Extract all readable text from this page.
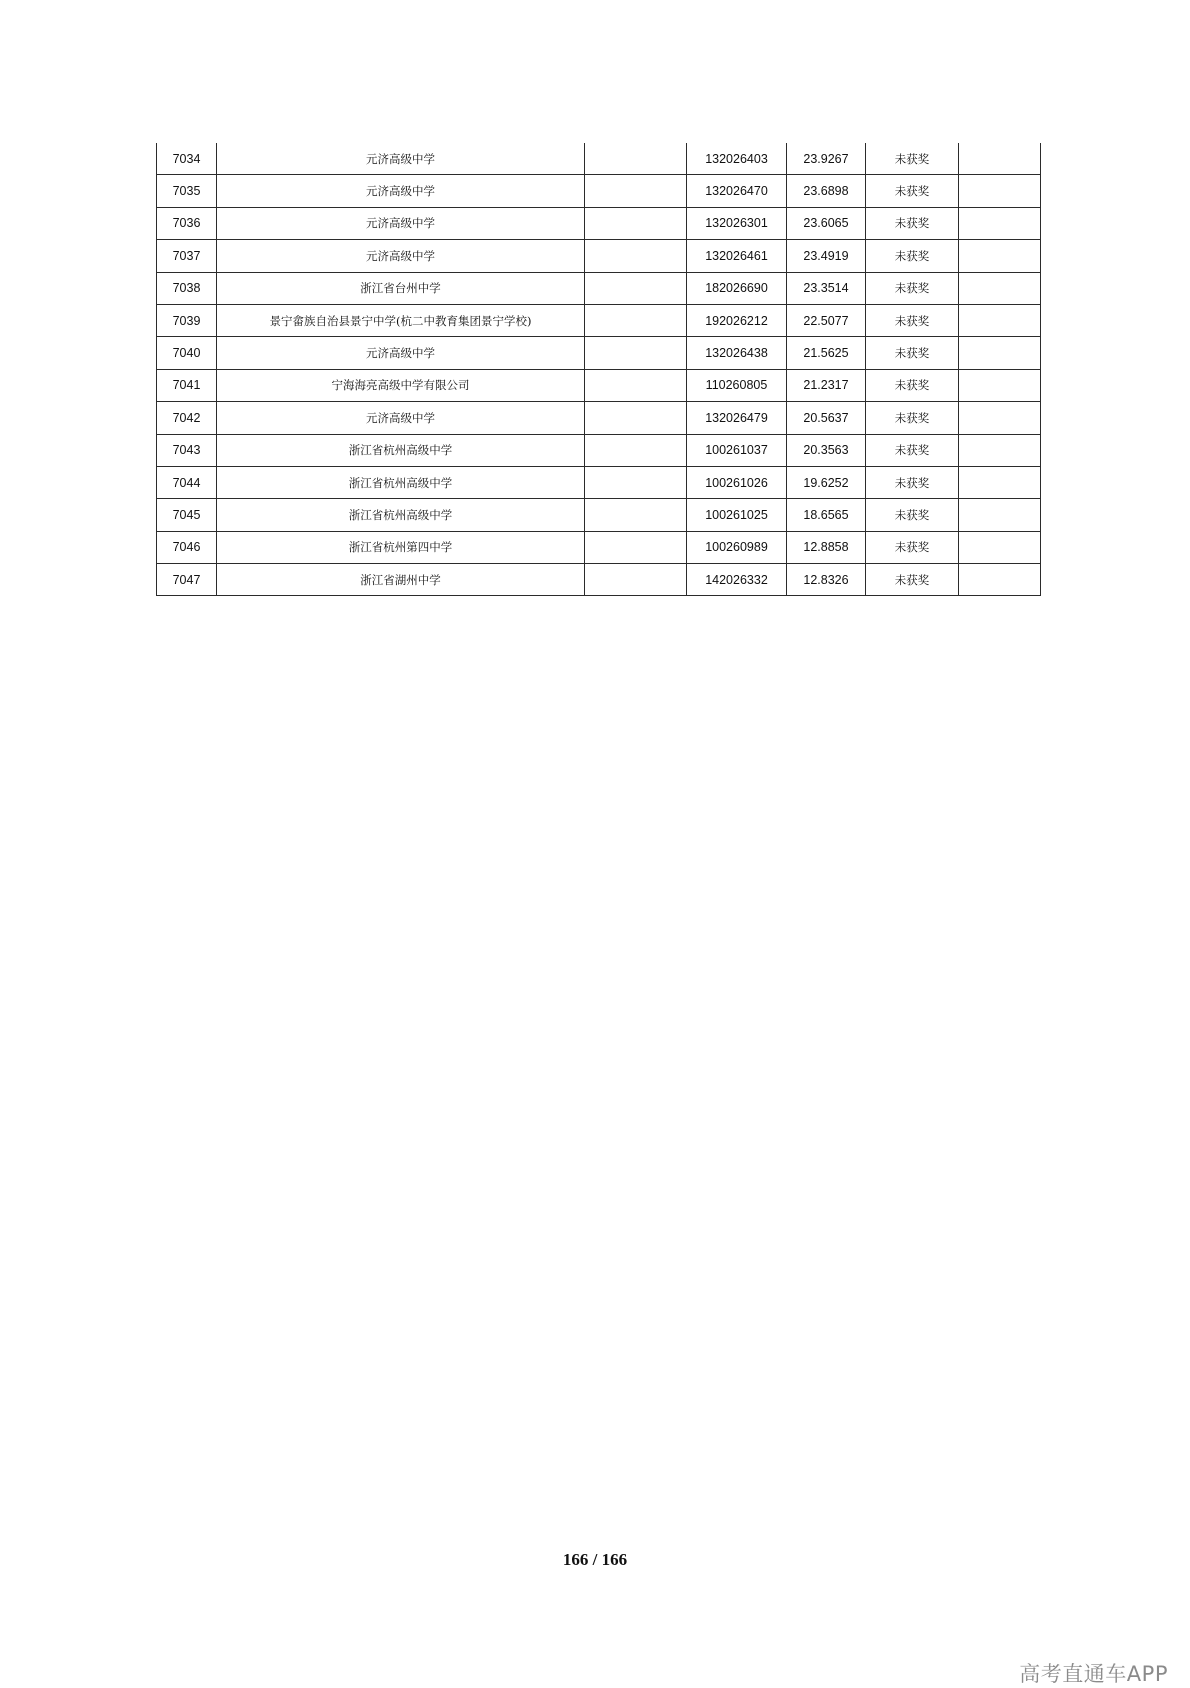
7034	元济高级中学		132026403	23.9267	未获奖	
7035	元济高级中学		132026470	23.6898	未获奖	
7036	元济高级中学		132026301	23.6065	未获奖	
7037	元济高级中学		132026461	23.4919	未获奖	
7038	浙江省台州中学		182026690	23.3514	未获奖	
7039	景宁畲族自治县景宁中学(杭二中教育集团景宁学校)		192026212	22.5077	未获奖	
7040	元济高级中学		132026438	21.5625	未获奖	
7041	宁海海亮高级中学有限公司		110260805	21.2317	未获奖	
7042	元济高级中学		132026479	20.5637	未获奖	
7043	浙江省杭州高级中学		100261037	20.3563	未获奖	
7044	浙江省杭州高级中学		100261026	19.6252	未获奖	
7045	浙江省杭州高级中学		100261025	18.6565	未获奖	
7046	浙江省杭州第四中学		100260989	12.8858	未获奖	
7047	浙江省湖州中学		142026332	12.8326	未获奖	
166 / 166
高考直通车APP
